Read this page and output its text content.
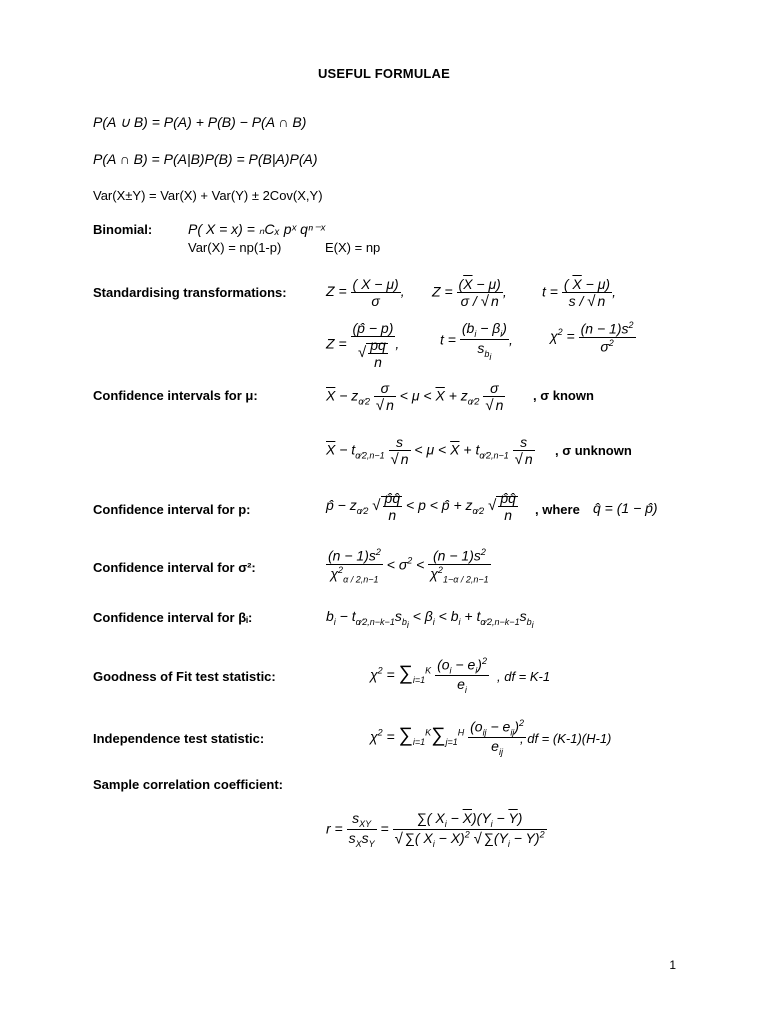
USEFUL FORMULAE
P(A ∪ B) = P(A) + P(B) − P(A ∩ B)
P(A ∩ B) = P(A|B)P(B) = P(B|A)P(A)
Var(X±Y) = Var(X) + Var(Y) ± 2Cov(X,Y)
Binomial:	P( X = x) = ₙCₓ pˣ qⁿ⁻ˣ
Var(X) = np(1-p)	E(X) = np
Standardising transformations:	$Z = \frac{( X - \mu)}{\sigma}$ , $Z = \frac{(\overline{X} - \mu)}{\sigma / √ n}$ ,	$t = \frac{( \overline{X} - \mu)}{s / √ n}$ ,
$Z = \frac{(p̂ - p)}{√ \frac{pq}{n}}$ ,	$t = \frac{(b_i - \beta_i)}{s_{b_i}}$ ,	$\chi^2 = \frac{(n - 1)s^2}{\sigma^2}$
Confidence intervals for μ:	$\overline{X} - z_{\alpha⁄2} \frac{\sigma}{√ n} < \mu < \overline{X} + z_{\alpha⁄2} \frac{\sigma}{√ n}$ , σ known
$\overline{X} - t_{\alpha⁄2,n-1} \frac{s}{√ n} < \mu < \overline{X} + t_{\alpha⁄2,n-1} \frac{s}{√ n}$ , σ unknown
Confidence interval for p:	p̂ − $z_{\alpha⁄2}$ √ $\frac{p̂q̂}{n} < p$ < p̂ + $z_{\alpha⁄2}$ √ $\frac{p̂q̂}{n}$ , where q̂ = (1 − p̂)
Confidence interval for σ²:	$\frac{(n - 1)s^2}{\chi^2_{\alpha / 2,n-1}} < \sigma^2 < \frac{(n - 1)s^2}{\chi^2_{1-\alpha / 2,n-1}}$
Confidence interval for βᵢ:	$b_i - t_{\alpha⁄2,n-k-1}s_{b_i} < \beta_i < b_i + t_{\alpha⁄2,n-k-1}s_{b_i}$
Goodness of Fit test statistic:	$\chi^2 = \sum_{i=1}^K \frac{(o_i - e_i)^2}{e_i}$ , df = K-1
Independence test statistic:	$\chi^2 = \sum_{i=1}^K\sum_{j=1}^H \frac{(o_{ij} - e_{ij})^2}{e_{ij}}$
, df = (K-1)(H-1)
Sample correlation coefficient:
$r = \frac{s_{XY}}{s_Xs_Y} = \frac{\sum( X_i - \overline{X})(Y_i - \overline{Y})}{√ \sum( X_i - \overline{X})^2 √ \sum(Y_i - \overline{Y})^2}$
1
